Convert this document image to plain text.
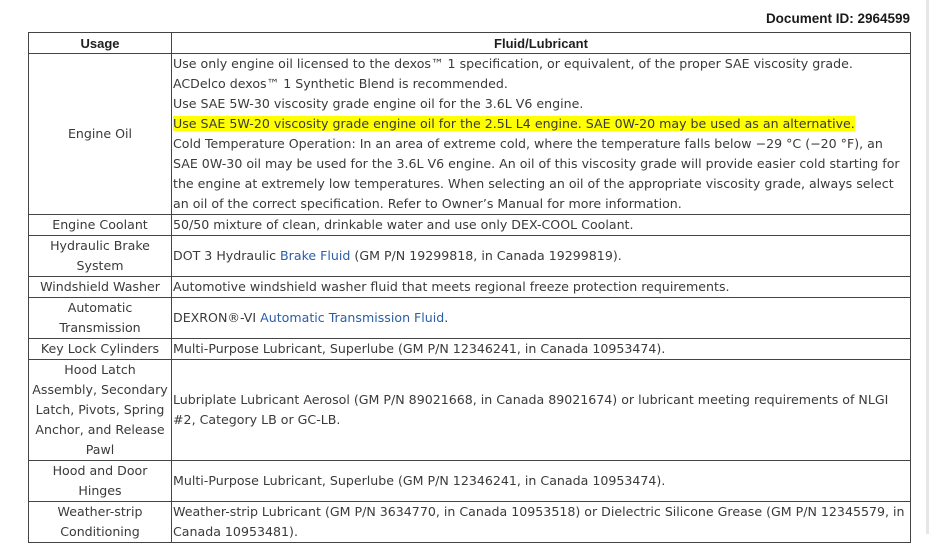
Document ID: 2964599
Usage	Fluid/Lubricant
Engine Oil	Use only engine oil licensed to the dexos™ 1 specification, or equivalent, of the proper SAE viscosity grade. ACDelco dexos™ 1 Synthetic Blend is recommended.
Use SAE 5W-30 viscosity grade engine oil for the 3.6L V6 engine.
Use SAE 5W-20 viscosity grade engine oil for the 2.5L L4 engine. SAE 0W-20 may be used as an alternative.
Cold Temperature Operation: In an area of extreme cold, where the temperature falls below −29 °C (−20 °F), an SAE 0W-30 oil may be used for the 3.6L V6 engine. An oil of this viscosity grade will provide easier cold starting for the engine at extremely low temperatures. When selecting an oil of the appropriate viscosity grade, always select an oil of the correct specification. Refer to Owner’s Manual for more information.

Engine Coolant	50/50 mixture of clean, drinkable water and use only DEX-COOL Coolant.
Hydraulic Brake System	DOT 3 Hydraulic Brake Fluid (GM P/N 19299818, in Canada 19299819).
Windshield Washer	Automotive windshield washer fluid that meets regional freeze protection requirements.
Automatic Transmission	DEXRON®-VI Automatic Transmission Fluid.
Key Lock Cylinders	Multi-Purpose Lubricant, Superlube (GM P/N 12346241, in Canada 10953474).
Hood Latch Assembly, Secondary Latch, Pivots, Spring Anchor, and Release Pawl	Lubriplate Lubricant Aerosol (GM P/N 89021668, in Canada 89021674) or lubricant meeting requirements of NLGI #2, Category LB or GC-LB.
Hood and Door Hinges	Multi-Purpose Lubricant, Superlube (GM P/N 12346241, in Canada 10953474).
Weather-strip Conditioning	Weather-strip Lubricant (GM P/N 3634770, in Canada 10953518) or Dielectric Silicone Grease (GM P/N 12345579, in Canada 10953481).
